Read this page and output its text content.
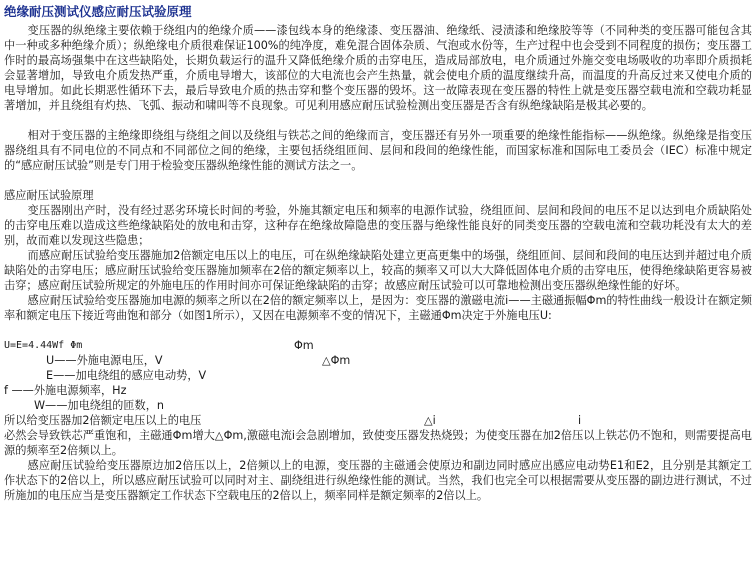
绝缘耐压测试仪感应耐压试验原理

变压器的纵绝缘主要依赖于绕组内的绝缘介质——漆包线本身的绝缘漆、变压器油、绝缘纸、浸渍漆和绝缘胶等等（不同种类的变压器可能包含其中一种或多种绝缘介质）；纵绝缘电介质很难保证100%的纯净度，难免混合固体杂质、气泡或水份等，生产过程中也会受到不同程度的损伤；变压器工作时的最高场强集中在这些缺陷处，长期负载运行的温升又降低绝缘介质的击穿电压，造成局部放电，电介质通过外施交变电场吸收的功率即介质损耗会显著增加，导致电介质发热严重，介质电导增大，该部位的大电流也会产生热量，就会使电介质的温度继续升高，而温度的升高反过来又使电介质的电导增加。如此长期恶性循环下去，最后导致电介质的热击穿和整个变压器的毁坏。这一故障表现在变压器的特性上就是变压器空载电流和空载功耗显著增加，并且绕组有灼热、飞弧、振动和啸叫等不良现象。可见利用感应耐压试验检测出变压器是否含有纵绝缘缺陷是极其必要的。

相对于变压器的主绝缘即绕组与绕组之间以及绕组与铁芯之间的绝缘而言，变压器还有另外一项重要的绝缘性能指标——纵绝缘。纵绝缘是指变压器绕组具有不同电位的不同点和不同部位之间的绝缘，主要包括绕组匝间、层间和段间的绝缘性能，而国家标准和国际电工委员会（IEC）标准中规定的“感应耐压试验”则是专门用于检验变压器纵绝缘性能的测试方法之一。

感应耐压试验原理

变压器刚出产时，没有经过恶劣环境长时间的考验，外施其额定电压和频率的电源作试验，绕组匝间、层间和段间的电压不足以达到电介质缺陷处的击穿电压难以造成这些绝缘缺陷处的放电和击穿，这种存在绝缘故障隐患的变压器与绝缘性能良好的同类变压器的空载电流和空载功耗没有太大的差别，故而难以发现这些隐患；

而感应耐压试验给变压器施加2倍额定电压以上的电压，可在纵绝缘缺陷处建立更高更集中的场强，绕组匝间、层间和段间的电压达到并超过电介质缺陷处的击穿电压；感应耐压试验给变压器施加频率在2倍的额定频率以上，较高的频率又可以大大降低固体电介质的击穿电压，使得绝缘缺陷更容易被击穿；感应耐压试验所规定的外施电压的作用时间亦可保证绝缘缺陷的击穿；故感应耐压试验可以可靠地检测出变压器纵绝缘性能的好坏。

感应耐压试验给变压器施加电源的频率之所以在2倍的额定频率以上，是因为：变压器的激磁电流i——主磁通振幅Φm的特性曲线一般设计在额定频率和额定电压下接近弯曲饱和部分（如图1所示），又因在电源频率不变的情况下，主磁通Φm决定于外施电压U:

U=E=4.44Wf Φm	Φm
U——外施电源电压，V	△Φm
E——加电绕组的感应电动势，V
f ——外施电源频率，Hz
W——加电绕组的匝数，n
所以给变压器加2倍额定电压以上的电压	△i	i

必然会导致铁芯严重饱和，主磁通Φm增大△Φm,激磁电流i会急剧增加，致使变压器发热烧毁；为使变压器在加2倍压以上铁芯仍不饱和，则需要提高电源的频率至2倍频以上。

感应耐压试验给变压器原边加2倍压以上，2倍频以上的电源，变压器的主磁通会使原边和副边同时感应出感应电动势E1和E2，且分别是其额定工作状态下的2倍以上，所以感应耐压试验可以同时对主、副绕组进行纵绝缘性能的测试。当然，我们也完全可以根据需要从变压器的副边进行测试，不过所施加的电压应当是变压器额定工作状态下空载电压的2倍以上，频率同样是额定频率的2倍以上。
